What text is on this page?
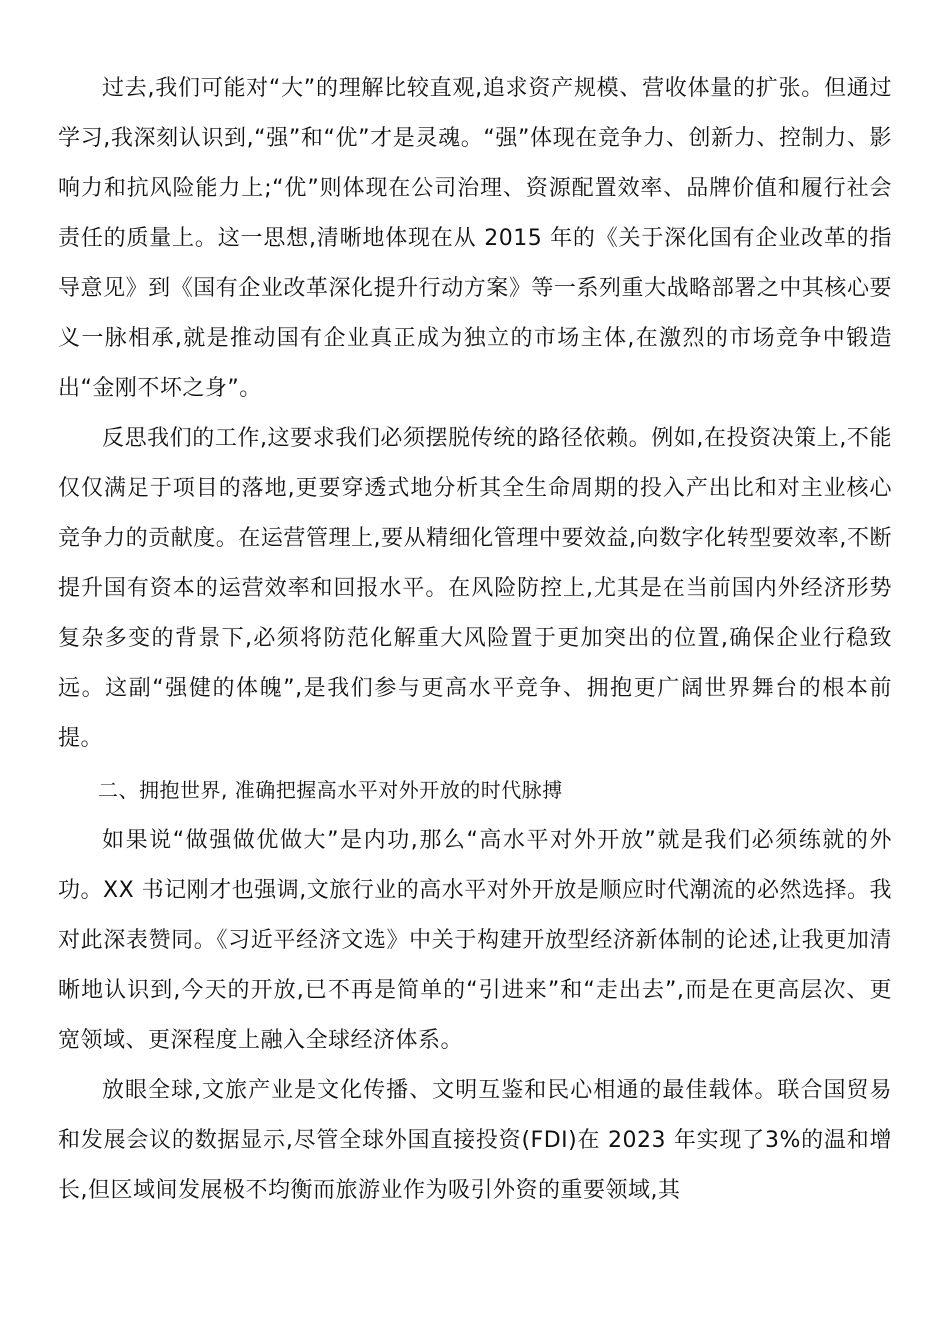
过去,我们可能对“大”的理解比较直观,追求资产规模、营收体量的扩张。但通过学习,我深刻认识到,“强”和“优”才是灵魂。“强”体现在竞争力、创新力、控制力、影响力和抗风险能力上;“优”则体现在公司治理、资源配置效率、品牌价值和履行社会责任的质量上。这一思想,清晰地体现在从 2015 年的《关于深化国有企业改革的指导意见》到《国有企业改革深化提升行动方案》等一系列重大战略部署之中其核心要义一脉相承,就是推动国有企业真正成为独立的市场主体,在激烈的市场竞争中锻造出“金刚不坏之身”。

反思我们的工作,这要求我们必须摆脱传统的路径依赖。例如,在投资决策上,不能仅仅满足于项目的落地,更要穿透式地分析其全生命周期的投入产出比和对主业核心竞争力的贡献度。在运营管理上,要从精细化管理中要效益,向数字化转型要效率,不断提升国有资本的运营效率和回报水平。在风险防控上,尤其是在当前国内外经济形势复杂多变的背景下,必须将防范化解重大风险置于更加突出的位置,确保企业行稳致远。这副“强健的体魄”,是我们参与更高水平竞争、拥抱更广阔世界舞台的根本前提。

二、拥抱世界, 准确把握高水平对外开放的时代脉搏

如果说“做强做优做大”是内功,那么“高水平对外开放”就是我们必须练就的外功。XX 书记刚才也强调,文旅行业的高水平对外开放是顺应时代潮流的必然选择。我对此深表赞同。《习近平经济文选》中关于构建开放型经济新体制的论述,让我更加清晰地认识到,今天的开放,已不再是简单的“引进来”和“走出去”,而是在更高层次、更宽领域、更深程度上融入全球经济体系。

放眼全球,文旅产业是文化传播、文明互鉴和民心相通的最佳载体。联合国贸易和发展会议的数据显示,尽管全球外国直接投资(FDI)在 2023 年实现了3%的温和增长,但区域间发展极不均衡而旅游业作为吸引外资的重要领域,其
